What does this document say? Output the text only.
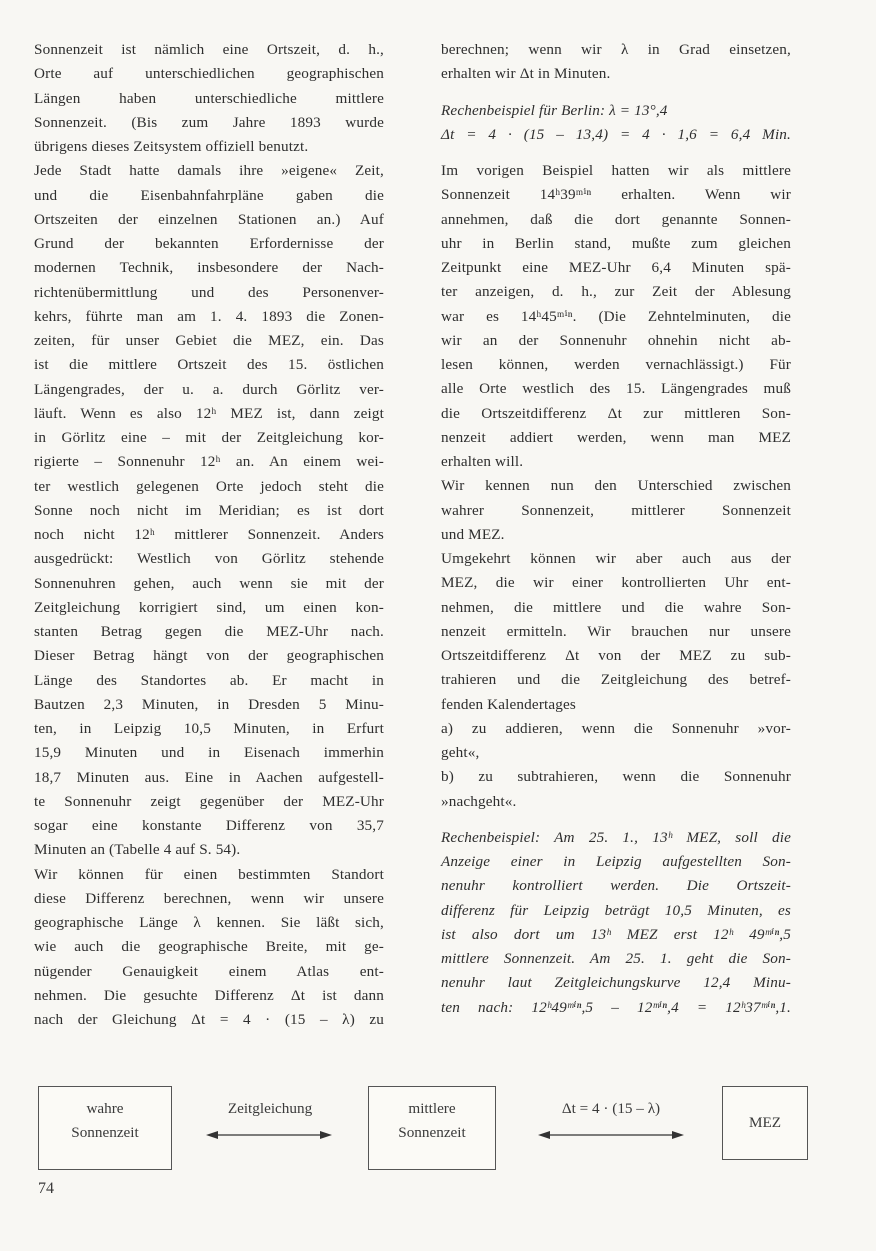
Sonnenzeit ist nämlich eine Ortszeit, d. h.,
Orte auf unterschiedlichen geographischen
Längen haben unterschiedliche mittlere
Sonnenzeit. (Bis zum Jahre 1893 wurde
übrigens dieses Zeitsystem offiziell benutzt.
Jede Stadt hatte damals ihre »eigene« Zeit,
und die Eisenbahnfahrpläne gaben die
Ortszeiten der einzelnen Stationen an.) Auf
Grund der bekannten Erfordernisse der
modernen Technik, insbesondere der Nach-
richtenübermittlung und des Personenver-
kehrs, führte man am 1. 4. 1893 die Zonen-
zeiten, für unser Gebiet die MEZ, ein. Das
ist die mittlere Ortszeit des 15. östlichen
Längengrades, der u. a. durch Görlitz ver-
läuft. Wenn es also 12ʰ MEZ ist, dann zeigt
in Görlitz eine – mit der Zeitgleichung kor-
rigierte – Sonnenuhr 12ʰ an. An einem wei-
ter westlich gelegenen Orte jedoch steht die
Sonne noch nicht im Meridian; es ist dort
noch nicht 12ʰ mittlerer Sonnenzeit. Anders
ausgedrückt: Westlich von Görlitz stehende
Sonnenuhren gehen, auch wenn sie mit der
Zeitgleichung korrigiert sind, um einen kon-
stanten Betrag gegen die MEZ-Uhr nach.
Dieser Betrag hängt von der geographischen
Länge des Standortes ab. Er macht in
Bautzen 2,3 Minuten, in Dresden 5 Minu-
ten, in Leipzig 10,5 Minuten, in Erfurt
15,9 Minuten und in Eisenach immerhin
18,7 Minuten aus. Eine in Aachen aufgestell-
te Sonnenuhr zeigt gegenüber der MEZ-Uhr
sogar eine konstante Differenz von 35,7
Minuten an (Tabelle 4 auf S. 54).
Wir können für einen bestimmten Standort
diese Differenz berechnen, wenn wir unsere
geographische Länge λ kennen. Sie läßt sich,
wie auch die geographische Breite, mit ge-
nügender Genauigkeit einem Atlas ent-
nehmen. Die gesuchte Differenz Δt ist dann
nach der Gleichung Δt = 4 · (15 – λ) zu
berechnen; wenn wir λ in Grad einsetzen,
erhalten wir Δt in Minuten.
Rechenbeispiel für Berlin: λ = 13°,4
Δt = 4 · (15 – 13,4) = 4 · 1,6 = 6,4 Min.
Im vorigen Beispiel hatten wir als mittlere
Sonnenzeit 14ʰ39ᵐⁱⁿ erhalten. Wenn wir
annehmen, daß die dort genannte Sonnen-
uhr in Berlin stand, mußte zum gleichen
Zeitpunkt eine MEZ-Uhr 6,4 Minuten spä-
ter anzeigen, d. h., zur Zeit der Ablesung
war es 14ʰ45ᵐⁱⁿ. (Die Zehntelminuten, die
wir an der Sonnenuhr ohnehin nicht ab-
lesen können, werden vernachlässigt.) Für
alle Orte westlich des 15. Längengrades muß
die Ortszeitdifferenz Δt zur mittleren Son-
nenzeit addiert werden, wenn man MEZ
erhalten will.
Wir kennen nun den Unterschied zwischen
wahrer Sonnenzeit, mittlerer Sonnenzeit
und MEZ.
Umgekehrt können wir aber auch aus der
MEZ, die wir einer kontrollierten Uhr ent-
nehmen, die mittlere und die wahre Son-
nenzeit ermitteln. Wir brauchen nur unsere
Ortszeitdifferenz Δt von der MEZ zu sub-
trahieren und die Zeitgleichung des betref-
fenden Kalendertages
a) zu addieren, wenn die Sonnenuhr »vor-
geht«,
b) zu subtrahieren, wenn die Sonnenuhr
»nachgeht«.
Rechenbeispiel: Am 25. 1., 13ʰ MEZ, soll die
Anzeige einer in Leipzig aufgestellten Son-
nenuhr kontrolliert werden. Die Ortszeit-
differenz für Leipzig beträgt 10,5 Minuten, es
ist also dort um 13ʰ MEZ erst 12ʰ 49ᵐⁱⁿ,5
mittlere Sonnenzeit. Am 25. 1. geht die Son-
nenuhr laut Zeitgleichungskurve 12,4 Minu-
ten nach: 12ʰ49ᵐⁱⁿ,5 – 12ᵐⁱⁿ,4 = 12ʰ37ᵐⁱⁿ,1.
wahre
Sonnenzeit
Zeitgleichung	mittlere
Sonnenzeit
Δt = 4 · (15 – λ)
MEZ
74
